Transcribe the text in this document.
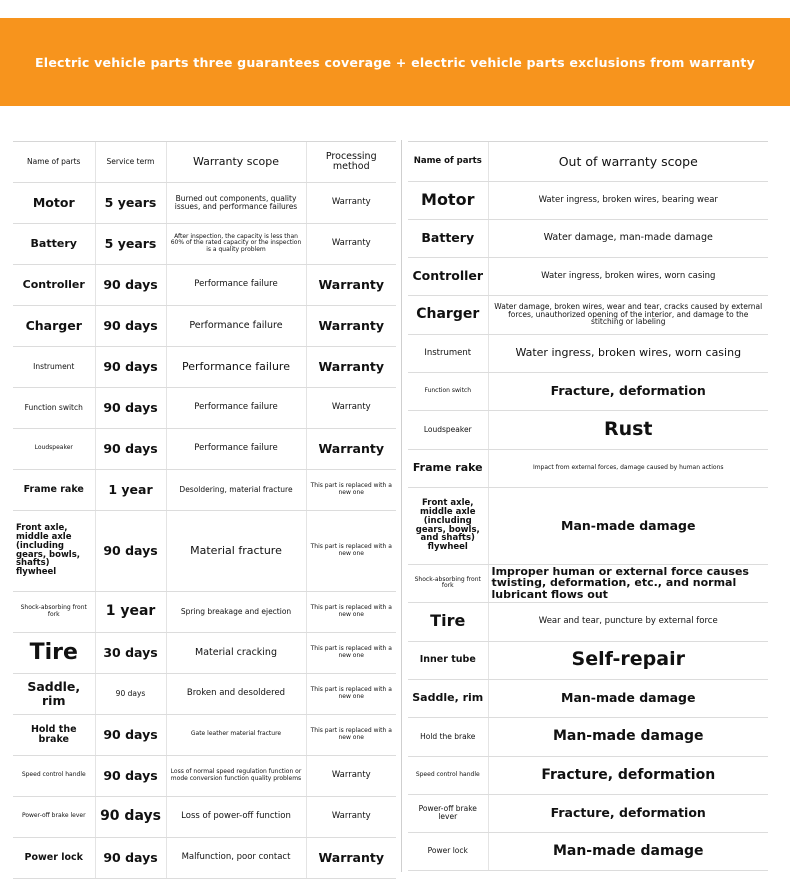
Electric vehicle parts three guarantees coverage + electric vehicle parts exclusions from warranty
Name of parts	Service term	Warranty scope	Processing method
Motor	5 years	Burned out components, quality issues, and performance failures	Warranty
Battery	5 years	After inspection, the capacity is less than 60% of the rated capacity or the inspection is a quality problem	Warranty
Controller	90 days	Performance failure	Warranty
Charger	90 days	Performance failure	Warranty
Instrument	90 days	Performance failure	Warranty
Function switch	90 days	Performance failure	Warranty
Loudspeaker	90 days	Performance failure	Warranty
Frame rake	1 year	Desoldering, material fracture	This part is replaced with a new one
Front axle, middle axle (including gears, bowls, shafts) flywheel	90 days	Material fracture	This part is replaced with a new one
Shock-absorbing front fork	1 year	Spring breakage and ejection	This part is replaced with a new one
Tire	30 days	Material cracking	This part is replaced with a new one
Saddle, rim	90 days	Broken and desoldered	This part is replaced with a new one
Hold the brake	90 days	Gate leather material fracture	This part is replaced with a new one
Speed control handle	90 days	Loss of normal speed regulation function or mode conversion function quality problems	Warranty
Power-off brake lever	90 days	Loss of power-off function	Warranty
Power lock	90 days	Malfunction, poor contact	Warranty
Name of parts	Out of warranty scope
Motor	Water ingress, broken wires, bearing wear
Battery	Water damage, man-made damage
Controller	Water ingress, broken wires, worn casing
Charger	Water damage, broken wires, wear and tear, cracks caused by external forces, unauthorized opening of the interior, and damage to the stitching or labeling
Instrument	Water ingress, broken wires, worn casing
Function switch	Fracture, deformation
Loudspeaker	Rust
Frame rake	Impact from external forces, damage caused by human actions
Front axle, middle axle (including gears, bowls, and shafts) flywheel	Man-made damage
Shock-absorbing front fork	Improper human or external force causes twisting, deformation, etc., and normal lubricant flows out
Tire	Wear and tear, puncture by external force
Inner tube	Self-repair
Saddle, rim	Man-made damage
Hold the brake	Man-made damage
Speed control handle	Fracture, deformation
Power-off brake lever	Fracture, deformation
Power lock	Man-made damage
